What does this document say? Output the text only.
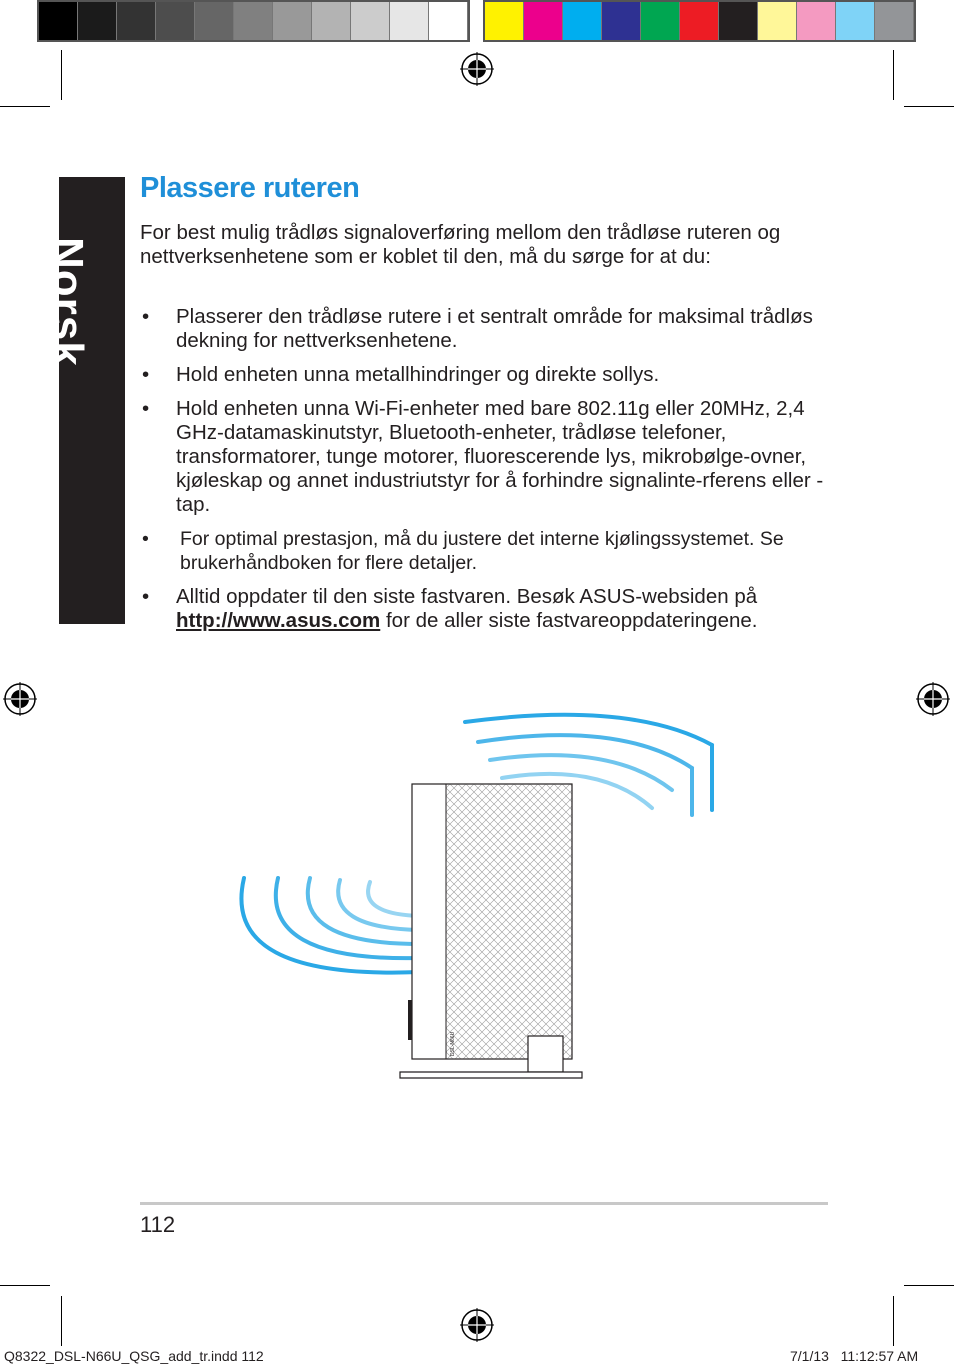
Norsk
Plassere ruteren

For best mulig trådløs signaloverføring mellom den trådløse ruteren og nettverksenhetene som er koblet til den, må du sørge for at du:

• Plasserer den trådløse rutere i et sentralt område for maksimal trådløs dekning for nettverksenhetene.
• Hold enheten unna metallhindringer og direkte sollys.
• Hold enheten unna Wi-Fi-enheter med bare 802.11g eller 20MHz, 2,4 GHz-datamaskinutstyr, Bluetooth-enheter, trådløse telefoner, transformatorer, tunge motorer, fluorescerende lys, mikrobølge-ovner, kjøleskap og annet industriutstyr for å forhindre signalinte-rferens eller -tap.
• For optimal prestasjon, må du justere det interne kjølingssystemet. Se brukerhåndboken for flere detaljer.
• Alltid oppdater til den siste fastvaren. Besøk ASUS-websiden på http://www.asus.com for de aller siste fastvareoppdateringene.
DSL-N66U
112
Q8322_DSL-N66U_QSG_add_tr.indd 112	7/1/13 11:12:57 AM
